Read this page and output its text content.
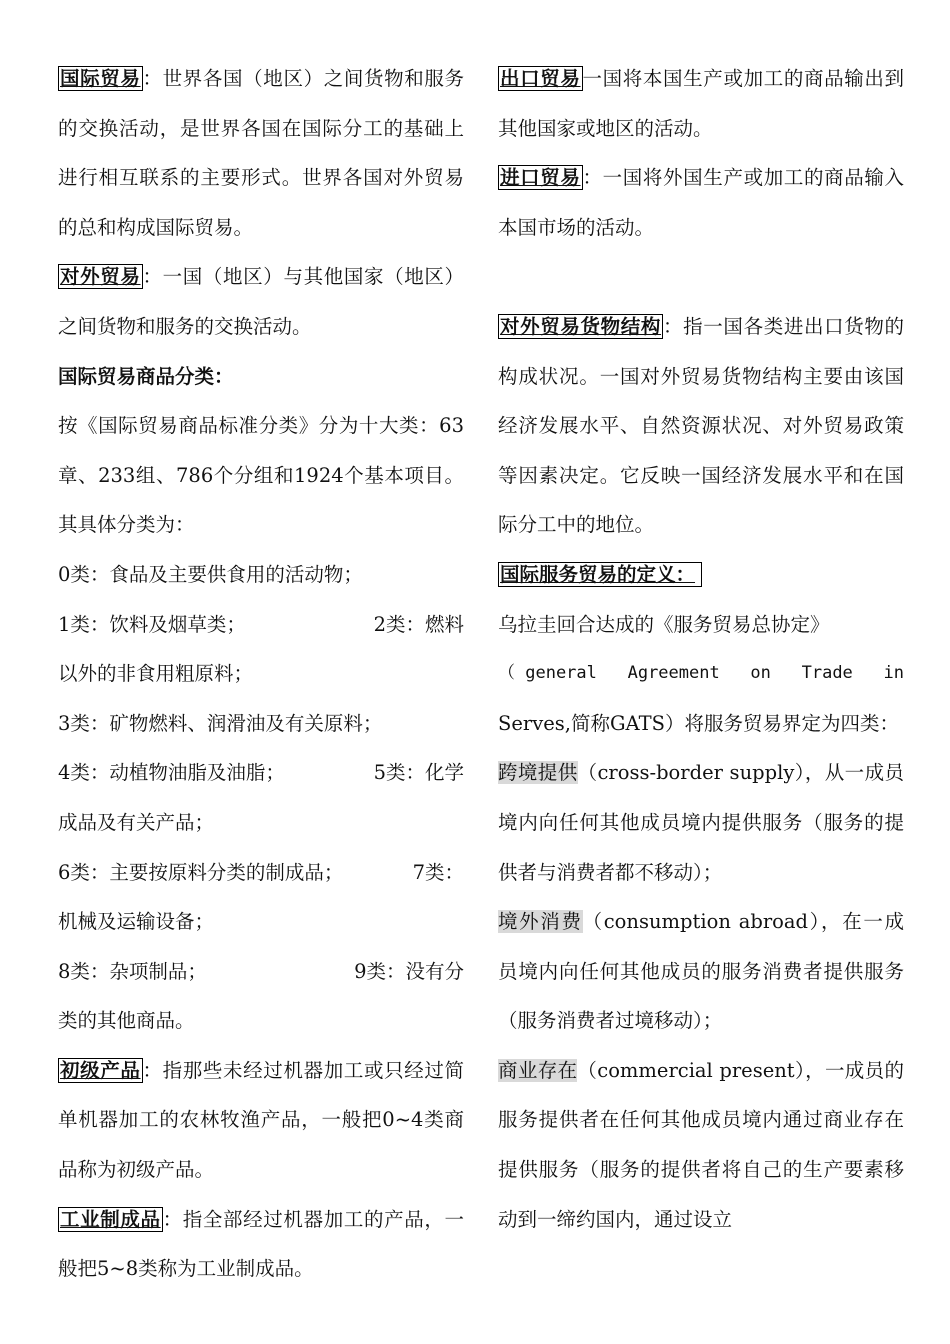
国际贸易 ：世界各国（地区）之间货物和服务的交换活动，是世界各国在国际分工的基础上进行相互联系的主要形式。世界各国对外贸易的总和构成国际贸易。

对外贸易 ：一国（地区）与其他国家（地区）之间货物和服务的交换活动。

国际贸易商品分类：

按《国际贸易商品标准分类》分为十大类：63章、233组、786个分组和1924个基本项目。其具体分类为：

0类：食品及主要供食用的活动物；

1类：饮料及烟草类；	2类：燃料

以外的非食用粗原料；

3类：矿物燃料、润滑油及有关原料；

4类：动植物油脂及油脂；	5类：化学

成品及有关产品；

6类：主要按原料分类的制成品；	7类：

机械及运输设备；

8类：杂项制品；	9类：没有分

类的其他商品。

初级产品 ：指那些未经过机器加工或只经过简单机器加工的农林牧渔产品，一般把0~4类商品称为初级产品。

工业制成品 ：指全部经过机器加工的产品，一般把5~8类称为工业制成品。

出口贸易 一国将本国生产或加工的商品输出到其他国家或地区的活动。

进口贸易 ：一国将外国生产或加工的商品输入本国市场的活动。

对外贸易货物结构 ：指一国各类进出口货物的构成状况。一国对外贸易货物结构主要由该国经济发展水平、自然资源状况、对外贸易政策等因素决定。它反映一国经济发展水平和在国际分工中的地位。

国际服务贸易的定义：

乌拉圭回合达成的《服务贸易总协定》

（ general Agreement on Trade in

Serves,简称GATS）将服务贸易界定为四类：

跨境提供（cross-border supply），从一成员境内向任何其他成员境内提供服务（服务的提供者与消费者都不移动）；

境外消费（consumption abroad），在一成员境内向任何其他成员的服务消费者提供服务（服务消费者过境移动）；

商业存在（commercial present），一成员的服务提供者在任何其他成员境内通过商业存在提供服务（服务的提供者将自己的生产要素移动到一缔约国内，通过设立
